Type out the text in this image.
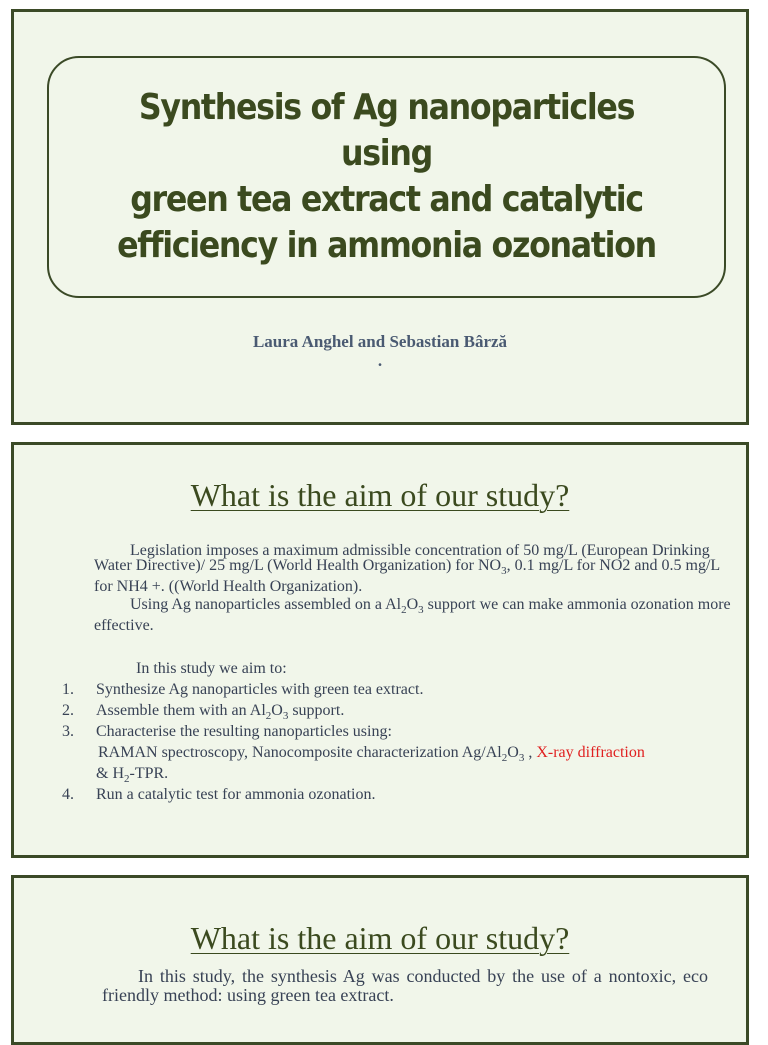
Synthesis of Ag nanoparticles using
green tea extract and catalytic
efficiency in ammonia ozonation
Laura Anghel and Sebastian Bârză
.
What is the aim of our study?
Legislation imposes a maximum admissible concentration of 50 mg/L (European Drinking Water Directive)/ 25 mg/L (World Health Organization) for $NO_3$, 0.1 mg/L for NO2 and 0.5 mg/L for NH4 +. ((World Health Organization).
Using Ag nanoparticles assembled on a $Al_2O_3$ support we can make ammonia ozonation more effective.
In this study we aim to:
1. Synthesize Ag nanoparticles with green tea extract.
2. Assemble them with an $Al_2O_3$ support.
3. Characterise the resulting nanoparticles using:
RAMAN spectroscopy, Nanocomposite characterization $Ag/Al_2O_3$ , X-ray diffraction
& $H_2$-TPR.
4. Run a catalytic test for ammonia ozonation.
What is the aim of our study?
In this study, the synthesis Ag was conducted by the use of a nontoxic, eco friendly method: using green tea extract.
